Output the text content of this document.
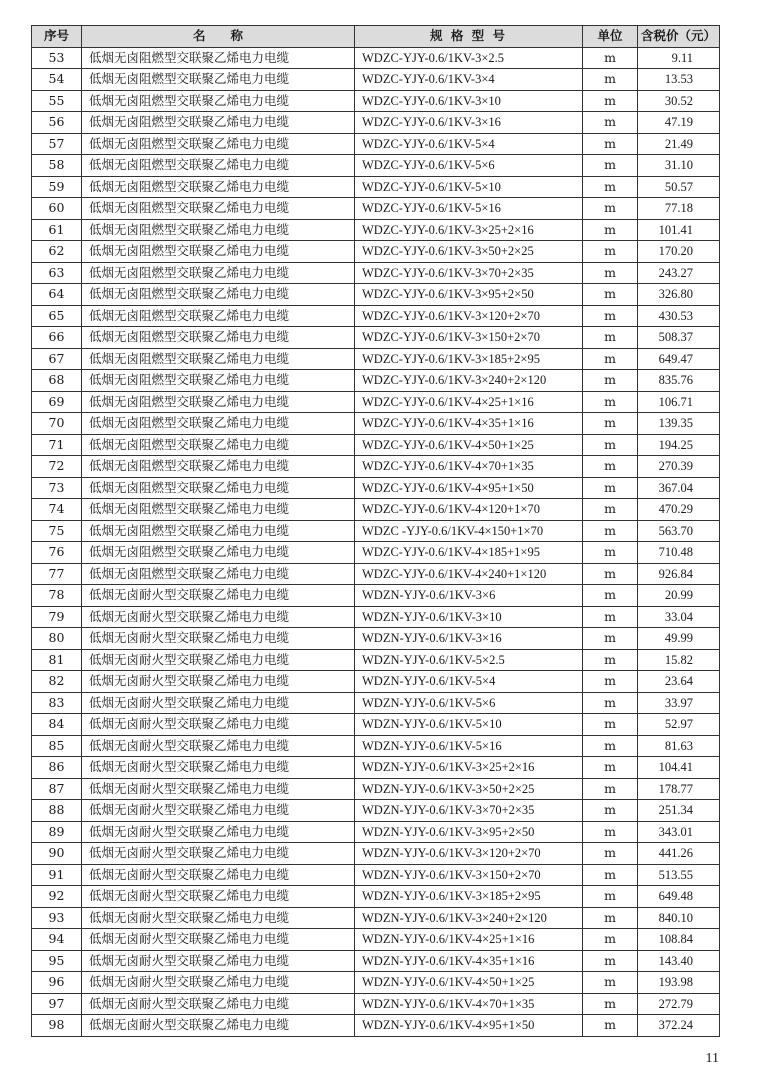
序号	名　　称	规 格 型 号	单位	含税价（元）
53	低烟无卤阻燃型交联聚乙烯电力电缆	WDZC-YJY-0.6/1KV-3×2.5	m	9.11
54	低烟无卤阻燃型交联聚乙烯电力电缆	WDZC-YJY-0.6/1KV-3×4	m	13.53
55	低烟无卤阻燃型交联聚乙烯电力电缆	WDZC-YJY-0.6/1KV-3×10	m	30.52
56	低烟无卤阻燃型交联聚乙烯电力电缆	WDZC-YJY-0.6/1KV-3×16	m	47.19
57	低烟无卤阻燃型交联聚乙烯电力电缆	WDZC-YJY-0.6/1KV-5×4	m	21.49
58	低烟无卤阻燃型交联聚乙烯电力电缆	WDZC-YJY-0.6/1KV-5×6	m	31.10
59	低烟无卤阻燃型交联聚乙烯电力电缆	WDZC-YJY-0.6/1KV-5×10	m	50.57
60	低烟无卤阻燃型交联聚乙烯电力电缆	WDZC-YJY-0.6/1KV-5×16	m	77.18
61	低烟无卤阻燃型交联聚乙烯电力电缆	WDZC-YJY-0.6/1KV-3×25+2×16	m	101.41
62	低烟无卤阻燃型交联聚乙烯电力电缆	WDZC-YJY-0.6/1KV-3×50+2×25	m	170.20
63	低烟无卤阻燃型交联聚乙烯电力电缆	WDZC-YJY-0.6/1KV-3×70+2×35	m	243.27
64	低烟无卤阻燃型交联聚乙烯电力电缆	WDZC-YJY-0.6/1KV-3×95+2×50	m	326.80
65	低烟无卤阻燃型交联聚乙烯电力电缆	WDZC-YJY-0.6/1KV-3×120+2×70	m	430.53
66	低烟无卤阻燃型交联聚乙烯电力电缆	WDZC-YJY-0.6/1KV-3×150+2×70	m	508.37
67	低烟无卤阻燃型交联聚乙烯电力电缆	WDZC-YJY-0.6/1KV-3×185+2×95	m	649.47
68	低烟无卤阻燃型交联聚乙烯电力电缆	WDZC-YJY-0.6/1KV-3×240+2×120	m	835.76
69	低烟无卤阻燃型交联聚乙烯电力电缆	WDZC-YJY-0.6/1KV-4×25+1×16	m	106.71
70	低烟无卤阻燃型交联聚乙烯电力电缆	WDZC-YJY-0.6/1KV-4×35+1×16	m	139.35
71	低烟无卤阻燃型交联聚乙烯电力电缆	WDZC-YJY-0.6/1KV-4×50+1×25	m	194.25
72	低烟无卤阻燃型交联聚乙烯电力电缆	WDZC-YJY-0.6/1KV-4×70+1×35	m	270.39
73	低烟无卤阻燃型交联聚乙烯电力电缆	WDZC-YJY-0.6/1KV-4×95+1×50	m	367.04
74	低烟无卤阻燃型交联聚乙烯电力电缆	WDZC-YJY-0.6/1KV-4×120+1×70	m	470.29
75	低烟无卤阻燃型交联聚乙烯电力电缆	WDZC -YJY-0.6/1KV-4×150+1×70	m	563.70
76	低烟无卤阻燃型交联聚乙烯电力电缆	WDZC-YJY-0.6/1KV-4×185+1×95	m	710.48
77	低烟无卤阻燃型交联聚乙烯电力电缆	WDZC-YJY-0.6/1KV-4×240+1×120	m	926.84
78	低烟无卤耐火型交联聚乙烯电力电缆	WDZN-YJY-0.6/1KV-3×6	m	20.99
79	低烟无卤耐火型交联聚乙烯电力电缆	WDZN-YJY-0.6/1KV-3×10	m	33.04
80	低烟无卤耐火型交联聚乙烯电力电缆	WDZN-YJY-0.6/1KV-3×16	m	49.99
81	低烟无卤耐火型交联聚乙烯电力电缆	WDZN-YJY-0.6/1KV-5×2.5	m	15.82
82	低烟无卤耐火型交联聚乙烯电力电缆	WDZN-YJY-0.6/1KV-5×4	m	23.64
83	低烟无卤耐火型交联聚乙烯电力电缆	WDZN-YJY-0.6/1KV-5×6	m	33.97
84	低烟无卤耐火型交联聚乙烯电力电缆	WDZN-YJY-0.6/1KV-5×10	m	52.97
85	低烟无卤耐火型交联聚乙烯电力电缆	WDZN-YJY-0.6/1KV-5×16	m	81.63
86	低烟无卤耐火型交联聚乙烯电力电缆	WDZN-YJY-0.6/1KV-3×25+2×16	m	104.41
87	低烟无卤耐火型交联聚乙烯电力电缆	WDZN-YJY-0.6/1KV-3×50+2×25	m	178.77
88	低烟无卤耐火型交联聚乙烯电力电缆	WDZN-YJY-0.6/1KV-3×70+2×35	m	251.34
89	低烟无卤耐火型交联聚乙烯电力电缆	WDZN-YJY-0.6/1KV-3×95+2×50	m	343.01
90	低烟无卤耐火型交联聚乙烯电力电缆	WDZN-YJY-0.6/1KV-3×120+2×70	m	441.26
91	低烟无卤耐火型交联聚乙烯电力电缆	WDZN-YJY-0.6/1KV-3×150+2×70	m	513.55
92	低烟无卤耐火型交联聚乙烯电力电缆	WDZN-YJY-0.6/1KV-3×185+2×95	m	649.48
93	低烟无卤耐火型交联聚乙烯电力电缆	WDZN-YJY-0.6/1KV-3×240+2×120	m	840.10
94	低烟无卤耐火型交联聚乙烯电力电缆	WDZN-YJY-0.6/1KV-4×25+1×16	m	108.84
95	低烟无卤耐火型交联聚乙烯电力电缆	WDZN-YJY-0.6/1KV-4×35+1×16	m	143.40
96	低烟无卤耐火型交联聚乙烯电力电缆	WDZN-YJY-0.6/1KV-4×50+1×25	m	193.98
97	低烟无卤耐火型交联聚乙烯电力电缆	WDZN-YJY-0.6/1KV-4×70+1×35	m	272.79
98	低烟无卤耐火型交联聚乙烯电力电缆	WDZN-YJY-0.6/1KV-4×95+1×50	m	372.24
11
